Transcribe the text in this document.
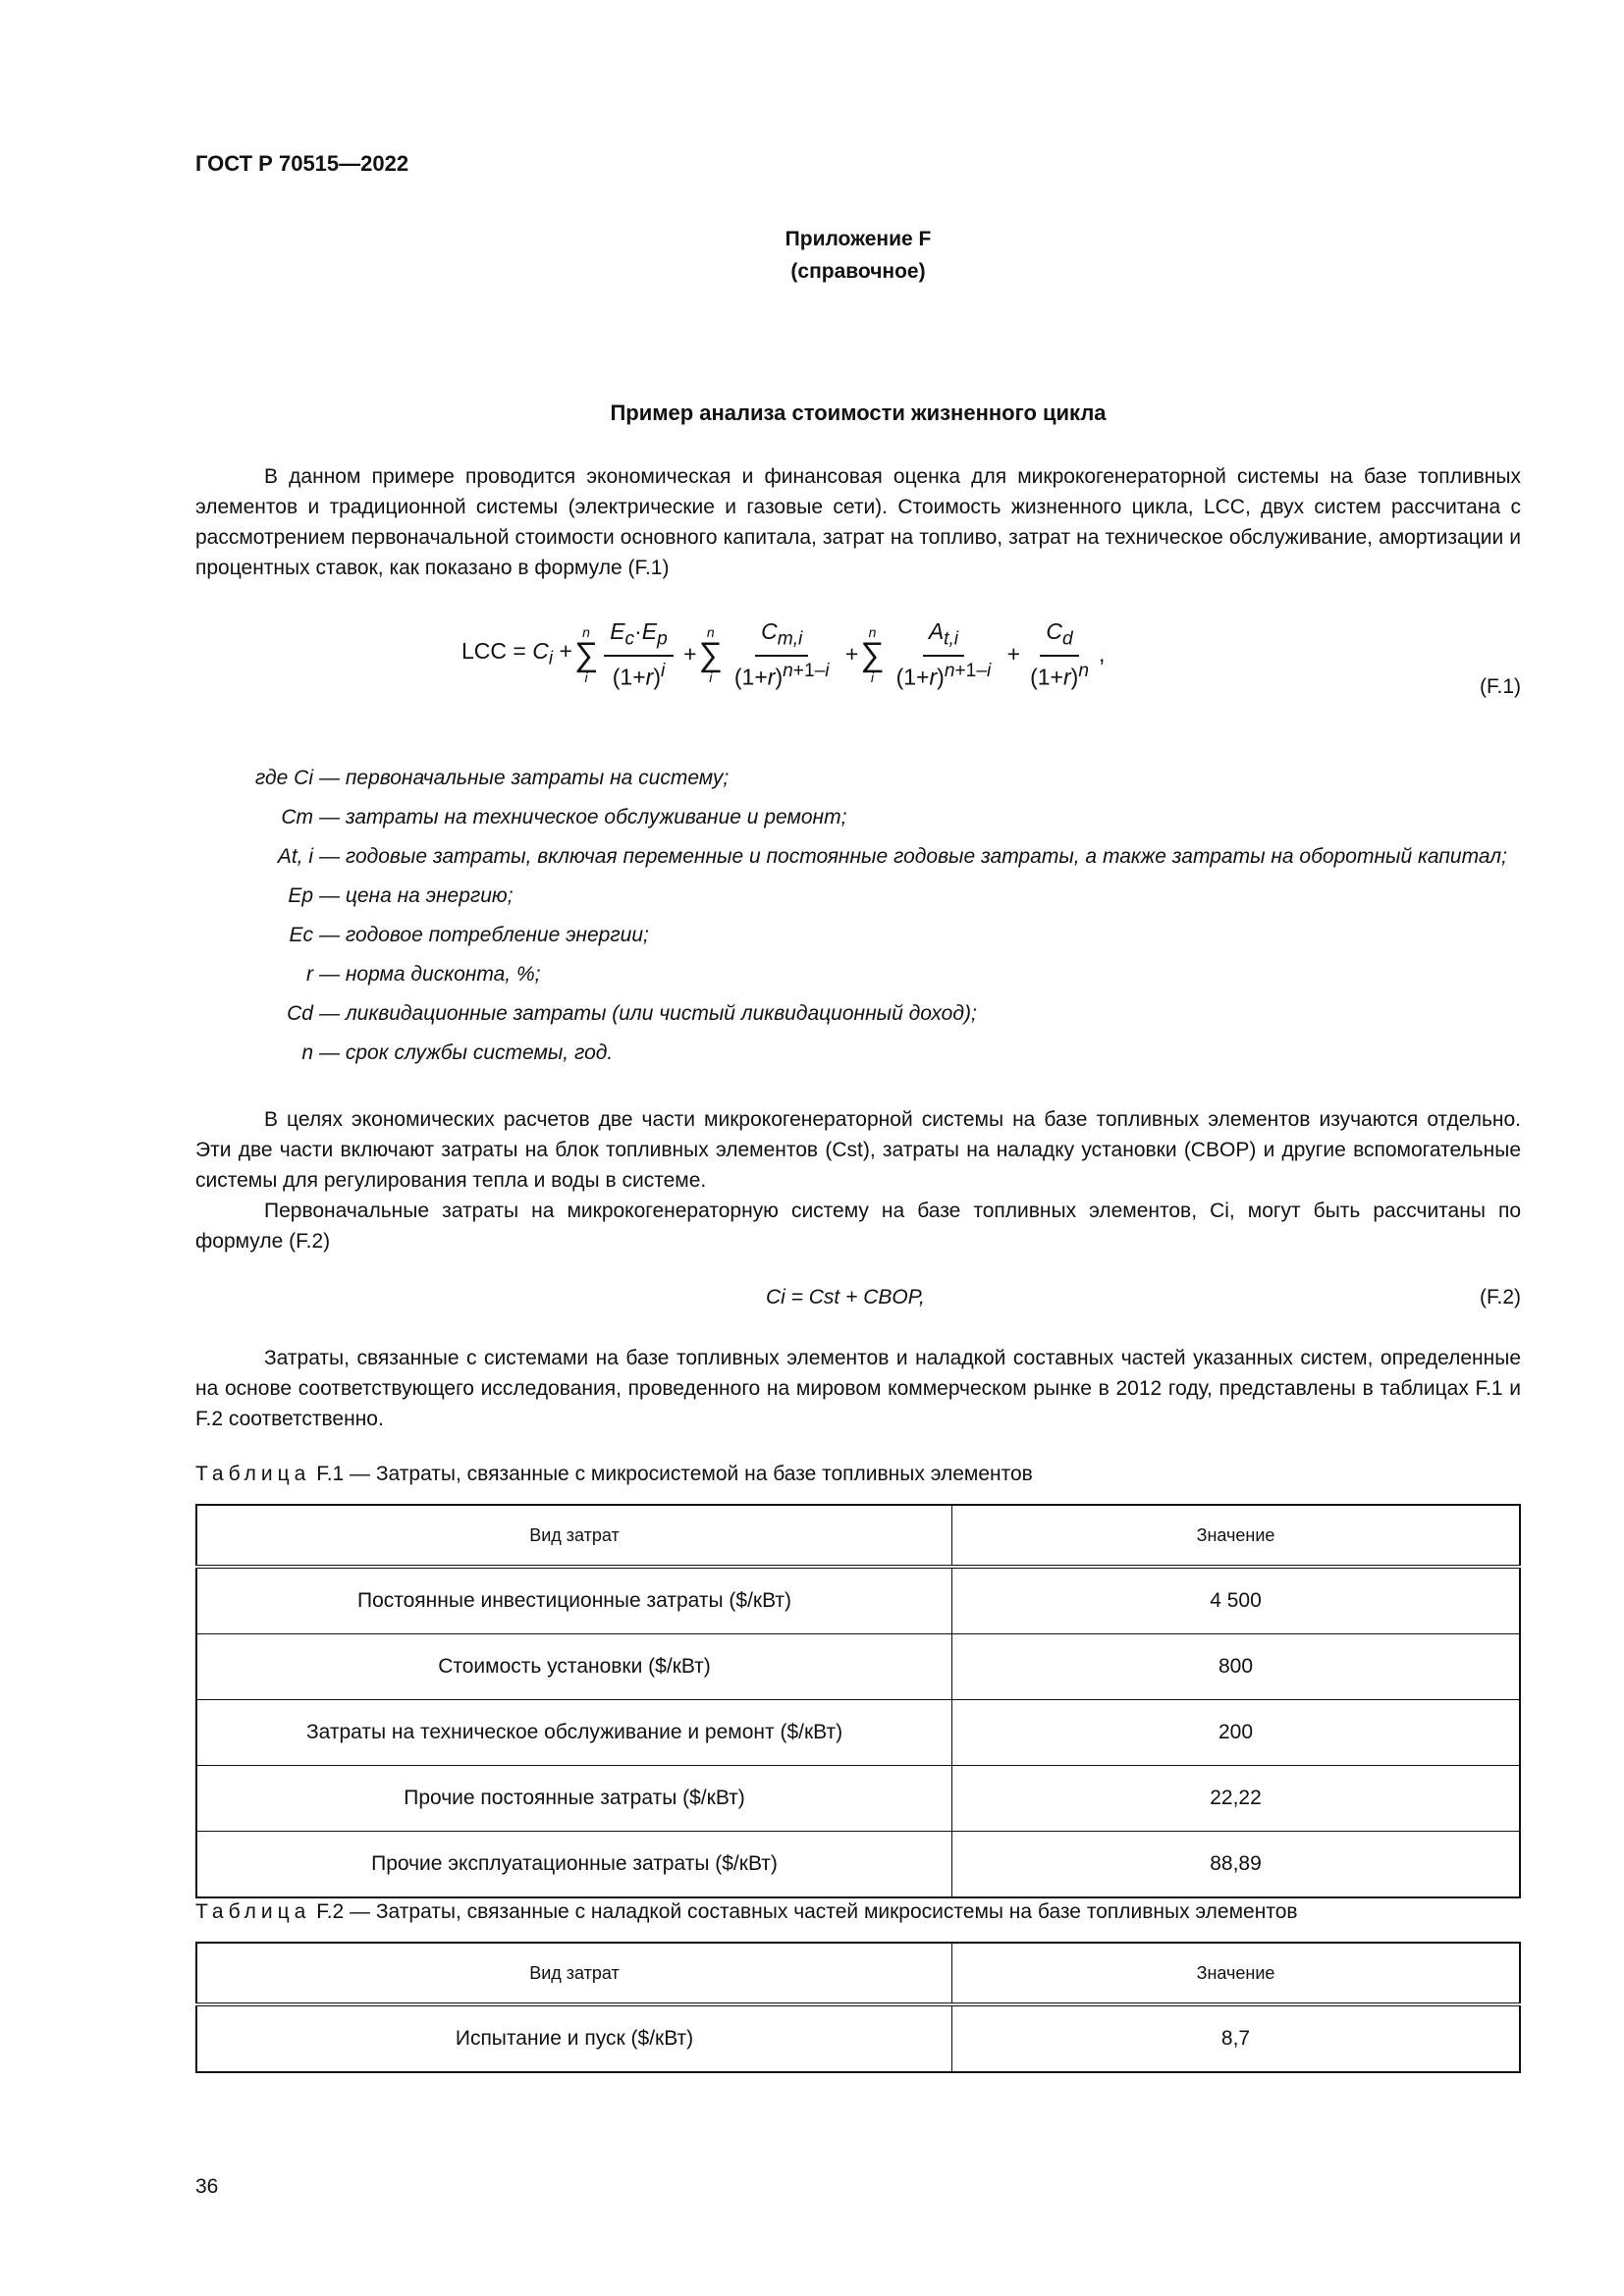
ГОСТ Р 70515—2022
Приложение F
(справочное)
Пример анализа стоимости жизненного цикла

В данном примере проводится экономическая и финансовая оценка для микрокогенераторной системы на базе топливных элементов и традиционной системы (электрические и газовые сети). Стоимость жизненного цикла, LCC, двух систем рассчитана с рассмотрением первоначальной стоимости основного капитала, затрат на топливо, затрат на техническое обслуживание, амортизации и процентных ставок, как показано в формуле (F.1)

LCC = $C_i$ +
n
∑
i $\frac{E_c\cdot E_p}{(1+r)^i}$ +
n
∑
i $\frac{C_{m,i}}{(1+r)^{n+1-i}}$ +
n
∑
i $\frac{A_{t,i}}{(1+r)^{n+1-i}} + \frac{C_d}{(1+r)^n}$ ,
(F.1)
где Ci — первоначальные затраты на систему;
Cm — затраты на техническое обслуживание и ремонт;
At, i — годовые затраты, включая переменные и постоянные годовые затраты, а также затраты на оборотный капитал;
Ep — цена на энергию;
Ec — годовое потребление энергии;
r — норма дисконта, %;
Cd — ликвидационные затраты (или чистый ликвидационный доход);
n — срок службы системы, год.

В целях экономических расчетов две части микрокогенераторной системы на базе топливных элементов изучаются отдельно. Эти две части включают затраты на блок топливных элементов (Cst), затраты на наладку установки (CBOP) и другие вспомогательные системы для регулирования тепла и воды в системе.

Первоначальные затраты на микрокогенераторную систему на базе топливных элементов, Ci, могут быть рассчитаны по формуле (F.2)

Ci = Cst + CBOP,	(F.2)

Затраты, связанные с системами на базе топливных элементов и наладкой составных частей указанных систем, определенные на основе соответствующего исследования, проведенного на мировом коммерческом рынке в 2012 году, представлены в таблицах F.1 и F.2 соответственно.

Таблица F.1 — Затраты, связанные с микросистемой на базе топливных элементов
Вид затрат	Значение
Постоянные инвестиционные затраты ($/кВт)	4 500
Стоимость установки ($/кВт)	800
Затраты на техническое обслуживание и ремонт ($/кВт)	200
Прочие постоянные затраты ($/кВт)	22,22
Прочие эксплуатационные затраты ($/кВт)	88,89
Таблица F.2 — Затраты, связанные с наладкой составных частей микросистемы на базе топливных элементов
Вид затрат	Значение
Испытание и пуск ($/кВт)	8,7
36
